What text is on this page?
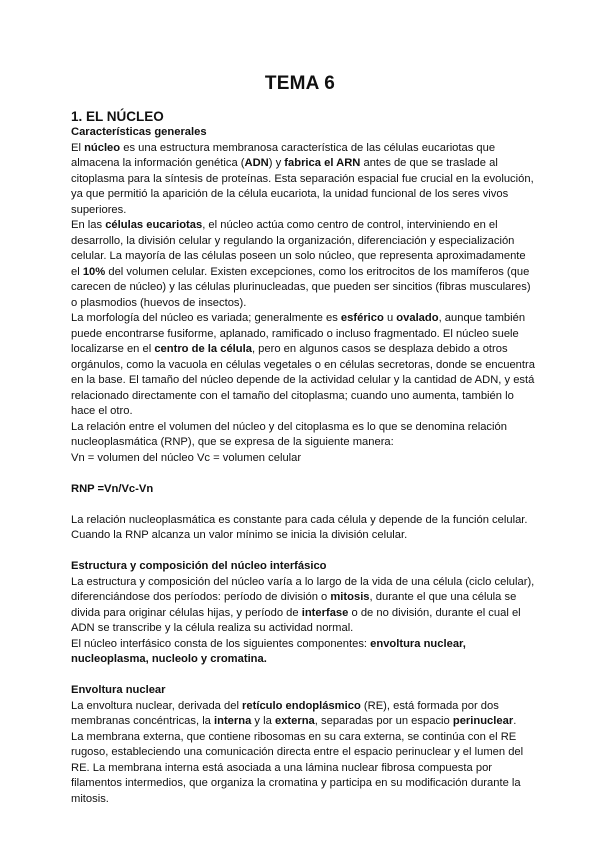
TEMA 6
1. EL NÚCLEO

Características generales

El núcleo es una estructura membranosa característica de las células eucariotas que almacena la información genética (ADN) y fabrica el ARN antes de que se traslade al citoplasma para la síntesis de proteínas. Esta separación espacial fue crucial en la evolución, ya que permitió la aparición de la célula eucariota, la unidad funcional de los seres vivos superiores.

En las células eucariotas, el núcleo actúa como centro de control, interviniendo en el desarrollo, la división celular y regulando la organización, diferenciación y especialización celular. La mayoría de las células poseen un solo núcleo, que representa aproximadamente el 10% del volumen celular. Existen excepciones, como los eritrocitos de los mamíferos (que carecen de núcleo) y las células plurinucleadas, que pueden ser sincitios (fibras musculares) o plasmodios (huevos de insectos).

La morfología del núcleo es variada; generalmente es esférico u ovalado, aunque también puede encontrarse fusiforme, aplanado, ramificado o incluso fragmentado. El núcleo suele localizarse en el centro de la célula, pero en algunos casos se desplaza debido a otros orgánulos, como la vacuola en células vegetales o en células secretoras, donde se encuentra en la base. El tamaño del núcleo depende de la actividad celular y la cantidad de ADN, y está relacionado directamente con el tamaño del citoplasma; cuando uno aumenta, también lo hace el otro.

La relación entre el volumen del núcleo y del citoplasma es lo que se denomina relación nucleoplasmática (RNP), que se expresa de la siguiente manera:

Vn = volumen del núcleo Vc = volumen celular

RNP =Vn/Vc-Vn

La relación nucleoplasmática es constante para cada célula y depende de la función celular. Cuando la RNP alcanza un valor mínimo se inicia la división celular.

Estructura y composición del núcleo interfásico

La estructura y composición del núcleo varía a lo largo de la vida de una célula (ciclo celular), diferenciándose dos períodos: período de división o mitosis, durante el que una célula se divida para originar células hijas, y período de interfase o de no división, durante el cual el ADN se transcribe y la célula realiza su actividad normal.

El núcleo interfásico consta de los siguientes componentes: envoltura nuclear, nucleoplasma, nucleolo y cromatina.

Envoltura nuclear

La envoltura nuclear, derivada del retículo endoplásmico (RE), está formada por dos membranas concéntricas, la interna y la externa, separadas por un espacio perinuclear.

La membrana externa, que contiene ribosomas en su cara externa, se continúa con el RE rugoso, estableciendo una comunicación directa entre el espacio perinuclear y el lumen del RE. La membrana interna está asociada a una lámina nuclear fibrosa compuesta por filamentos intermedios, que organiza la cromatina y participa en su modificación durante la mitosis.
